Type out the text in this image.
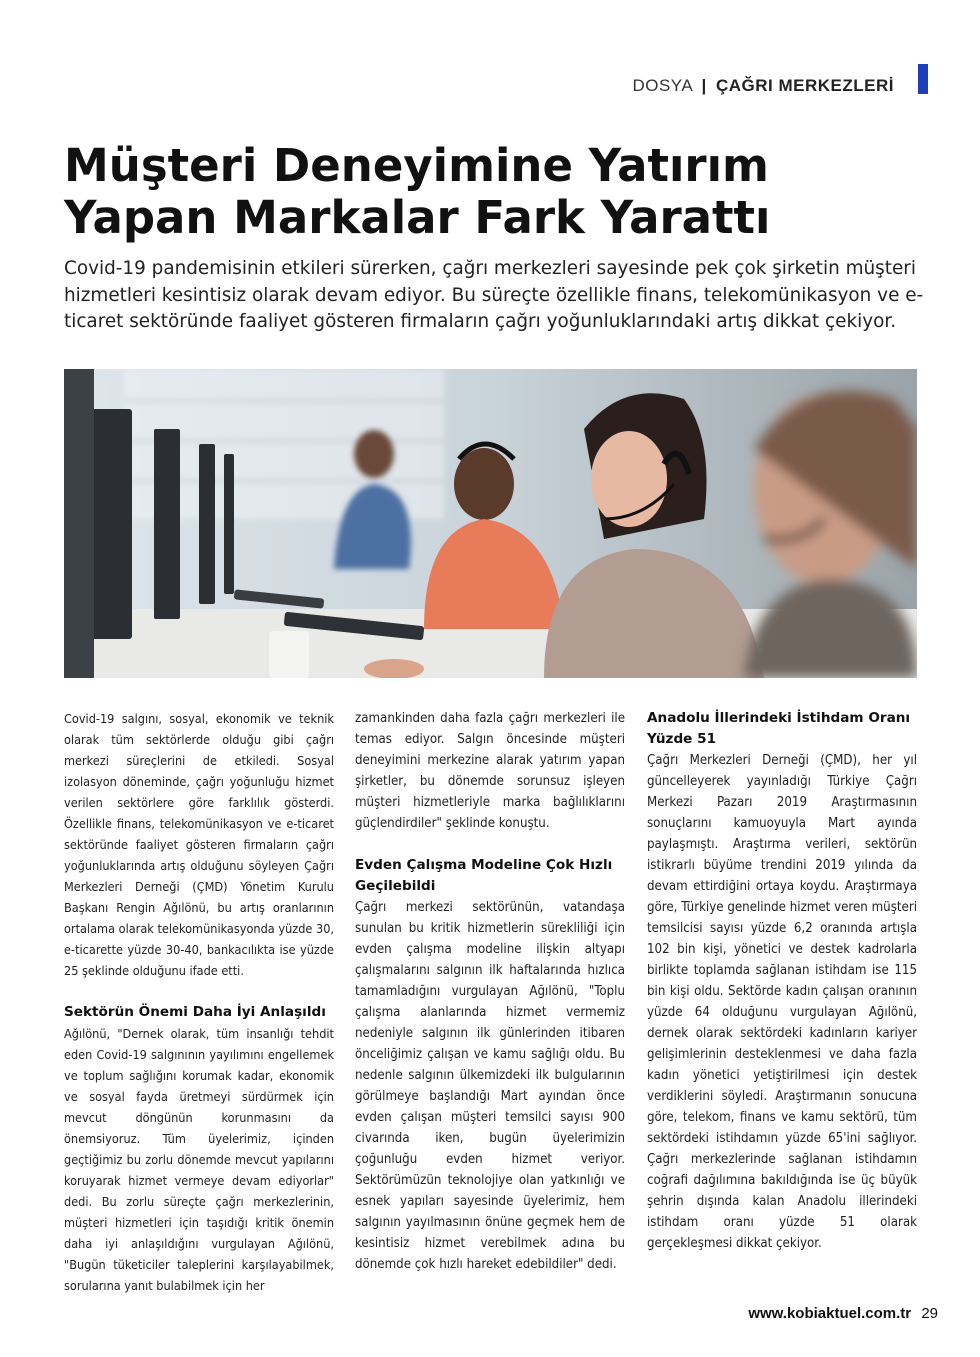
DOSYA | ÇAĞRI MERKEZLERİ
Müşteri Deneyimine Yatırım
Yapan Markalar Fark Yarattı

Covid-19 pandemisinin etkileri sürerken, çağrı merkezleri sayesinde pek çok şirketin müşteri hizmetleri kesintisiz olarak devam ediyor. Bu süreçte özellikle finans, telekomünikasyon ve e-ticaret sektöründe faaliyet gösteren firmaların çağrı yoğunluklarındaki artış dikkat çekiyor.

Covid-19 salgını, sosyal, ekonomik ve teknik olarak tüm sektörlerde olduğu gibi çağrı merkezi süreçlerini de etkiledi. Sosyal izolasyon döneminde, çağrı yoğunluğu hizmet verilen sektörlere göre farklılık gösterdi. Özellikle finans, telekomünikasyon ve e-ticaret sektöründe faaliyet gösteren firmaların çağrı yoğunluklarında artış olduğunu söyleyen Çağrı Merkezleri Derneği (ÇMD) Yönetim Kurulu Başkanı Rengin Ağılönü, bu artış oranlarının ortalama olarak telekomünikasyonda yüzde 30, e-ticarette yüzde 30-40, bankacılıkta ise yüzde 25 şeklinde olduğunu ifade etti.

Sektörün Önemi Daha İyi Anlaşıldı

Ağılönü, "Dernek olarak, tüm insanlığı tehdit eden Covid-19 salgınının yayılımını engellemek ve toplum sağlığını korumak kadar, ekonomik ve sosyal fayda üretmeyi sürdürmek için mevcut döngünün korunmasını da önemsiyoruz. Tüm üyelerimiz, içinden geçtiğimiz bu zorlu dönemde mevcut yapılarını koruyarak hizmet vermeye devam ediyorlar" dedi. Bu zorlu süreçte çağrı merkezlerinin, müşteri hizmetleri için taşıdığı kritik önemin daha iyi anlaşıldığını vurgulayan Ağılönü, "Bugün tüketiciler taleplerini karşılayabilmek, sorularına yanıt bulabilmek için her

zamankinden daha fazla çağrı merkezleri ile temas ediyor. Salgın öncesinde müşteri deneyimini merkezine alarak yatırım yapan şirketler, bu dönemde sorunsuz işleyen müşteri hizmetleriyle marka bağlılıklarını güçlendirdiler" şeklinde konuştu.

Evden Çalışma Modeline Çok Hızlı Geçilebildi

Çağrı merkezi sektörünün, vatandaşa sunulan bu kritik hizmetlerin sürekliliği için evden çalışma modeline ilişkin altyapı çalışmalarını salgının ilk haftalarında hızlıca tamamladığını vurgulayan Ağılönü, "Toplu çalışma alanlarında hizmet vermemiz nedeniyle salgının ilk günlerinden itibaren önceliğimiz çalışan ve kamu sağlığı oldu. Bu nedenle salgının ülkemizdeki ilk bulgularının görülmeye başlandığı Mart ayından önce evden çalışan müşteri temsilci sayısı 900 civarında iken, bugün üyelerimizin çoğunluğu evden hizmet veriyor. Sektörümüzün teknolojiye olan yatkınlığı ve esnek yapıları sayesinde üyelerimiz, hem salgının yayılmasının önüne geçmek hem de kesintisiz hizmet verebilmek adına bu dönemde çok hızlı hareket edebildiler" dedi.

Anadolu İllerindeki İstihdam Oranı Yüzde 51

Çağrı Merkezleri Derneği (ÇMD), her yıl güncelleyerek yayınladığı Türkiye Çağrı Merkezi Pazarı 2019 Araştırmasının sonuçlarını kamuoyuyla Mart ayında paylaşmıştı. Araştırma verileri, sektörün istikrarlı büyüme trendini 2019 yılında da devam ettirdiğini ortaya koydu. Araştırmaya göre, Türkiye genelinde hizmet veren müşteri temsilcisi sayısı yüzde 6,2 oranında artışla 102 bin kişi, yönetici ve destek kadrolarla birlikte toplamda sağlanan istihdam ise 115 bin kişi oldu. Sektörde kadın çalışan oranının yüzde 64 olduğunu vurgulayan Ağılönü, dernek olarak sektördeki kadınların kariyer gelişimlerinin desteklenmesi ve daha fazla kadın yönetici yetiştirilmesi için destek verdiklerini söyledi. Araştırmanın sonucuna göre, telekom, finans ve kamu sektörü, tüm sektördeki istihdamın yüzde 65'ini sağlıyor. Çağrı merkezlerinde sağlanan istihdamın coğrafi dağılımına bakıldığında ise üç büyük şehrin dışında kalan Anadolu illerindeki istihdam oranı yüzde 51 olarak gerçekleşmesi dikkat çekiyor.

www.kobiaktuel.com.tr 29
